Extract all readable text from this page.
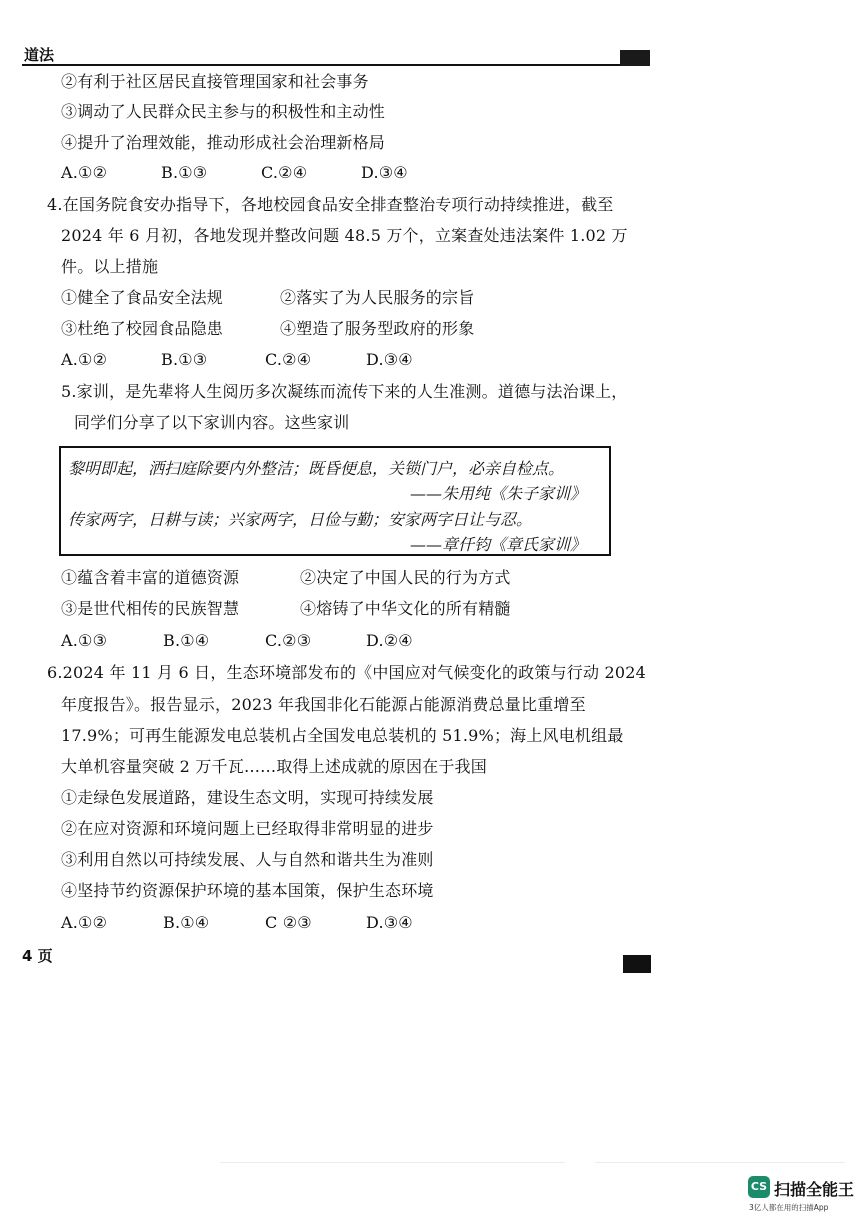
道法
②有利于社区居民直接管理国家和社会事务
③调动了人民群众民主参与的积极性和主动性
④提升了治理效能，推动形成社会治理新格局
A.①②	B.①③	C.②④	D.③④
4.在国务院食安办指导下，各地校园食品安全排查整治专项行动持续推进，截至
2024 年 6 月初，各地发现并整改问题 48.5 万个，立案查处违法案件 1.02 万
件。以上措施
①健全了食品安全法规	②落实了为人民服务的宗旨
③杜绝了校园食品隐患	④塑造了服务型政府的形象
A.①②	B.①③	C.②④	D.③④
5.家训，是先辈将人生阅历多次凝练而流传下来的人生准测。道德与法治课上，
同学们分享了以下家训内容。这些家训
黎明即起，洒扫庭除要内外整洁；既昏便息，关锁门户，必亲自检点。
——朱用纯《朱子家训》
传家两字，日耕与读；兴家两字，日俭与勤；安家两字日让与忍。
——章仟钧《章氏家训》
①蕴含着丰富的道德资源	②决定了中国人民的行为方式
③是世代相传的民族智慧	④熔铸了中华文化的所有精髓
A.①③	B.①④	C.②③	D.②④
6.2024 年 11 月 6 日，生态环境部发布的《中国应对气候变化的政策与行动 2024
年度报告》。报告显示，2023 年我国非化石能源占能源消费总量比重增至
17.9%；可再生能源发电总装机占全国发电总装机的 51.9%；海上风电机组最
大单机容量突破 2 万千瓦……取得上述成就的原因在于我国
①走绿色发展道路，建设生态文明，实现可持续发展
②在应对资源和环境问题上已经取得非常明显的进步
③利用自然以可持续发展、人与自然和谐共生为准则
④坚持节约资源保护环境的基本国策，保护生态环境
A.①②	B.①④	C ②③	D.③④
4 页
CS 扫描全能王
3亿人都在用的扫描App
